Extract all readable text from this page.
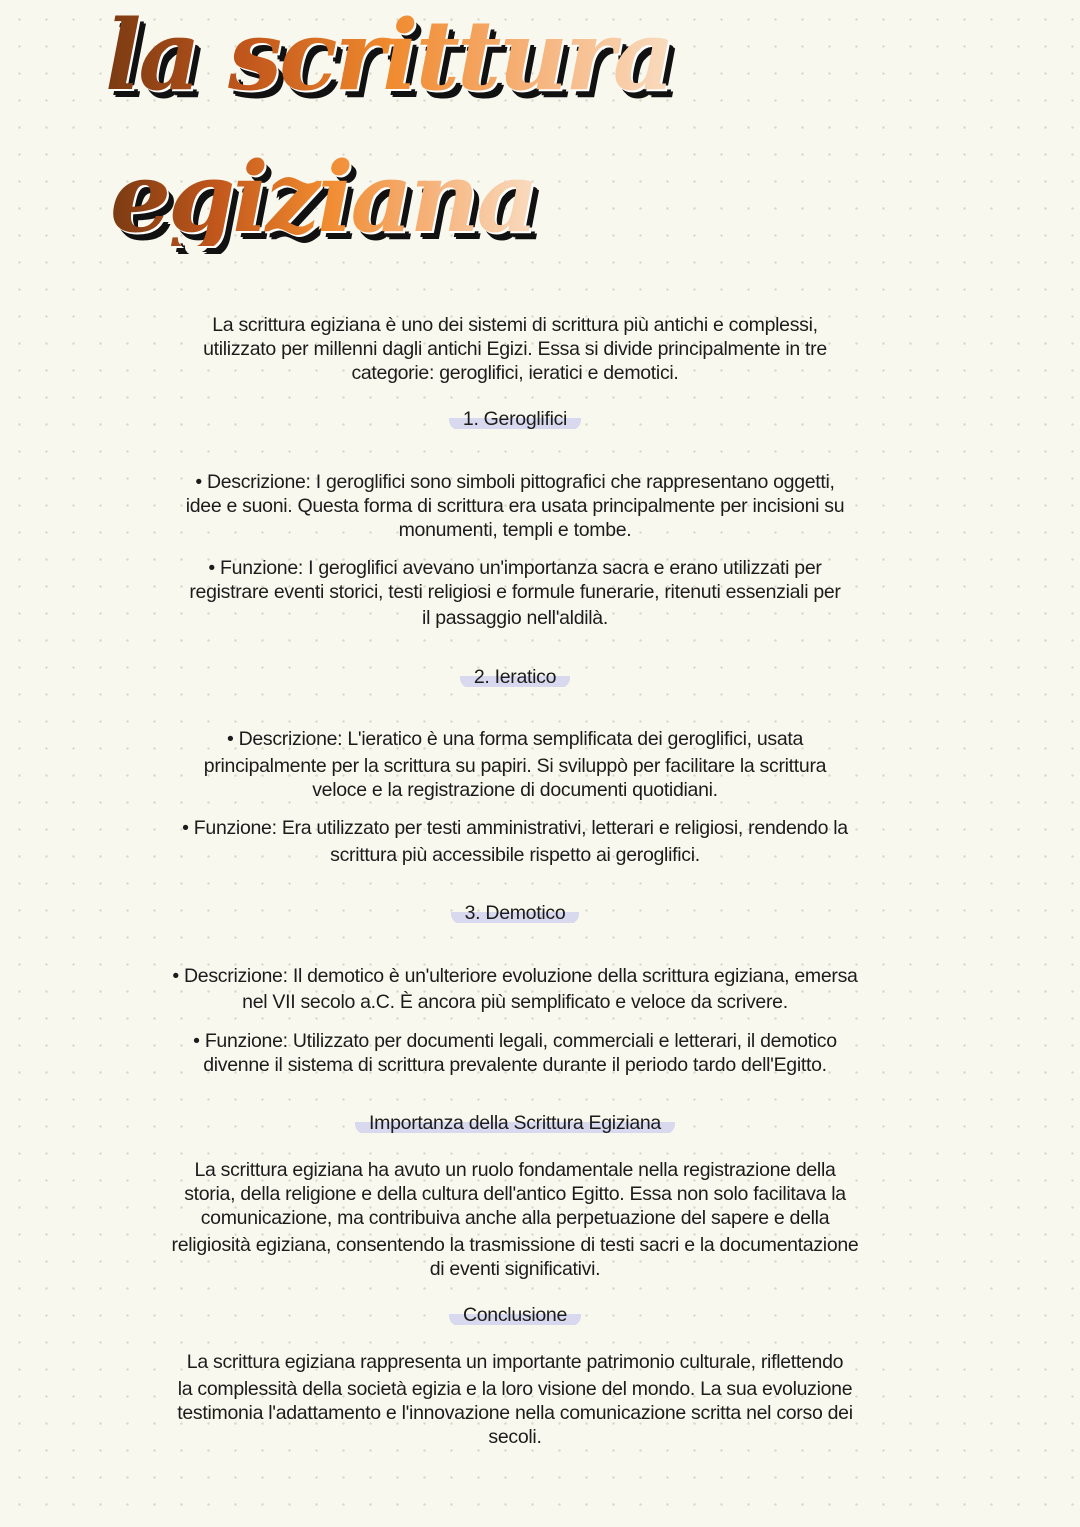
la scrittura
egiziana
La scrittura egiziana è uno dei sistemi di scrittura più antichi e complessi,
utilizzato per millenni dagli antichi Egizi. Essa si divide principalmente in tre
categorie: geroglifici, ieratici e demotici.
1. Geroglifici
• Descrizione: I geroglifici sono simboli pittografici che rappresentano oggetti,
idee e suoni. Questa forma di scrittura era usata principalmente per incisioni su
monumenti, templi e tombe.
• Funzione: I geroglifici avevano un'importanza sacra e erano utilizzati per
registrare eventi storici, testi religiosi e formule funerarie, ritenuti essenziali per
il passaggio nell'aldilà.
2. Ieratico
• Descrizione: L'ieratico è una forma semplificata dei geroglifici, usata
principalmente per la scrittura su papiri. Si sviluppò per facilitare la scrittura
veloce e la registrazione di documenti quotidiani.
• Funzione: Era utilizzato per testi amministrativi, letterari e religiosi, rendendo la
scrittura più accessibile rispetto ai geroglifici.
3. Demotico
• Descrizione: Il demotico è un'ulteriore evoluzione della scrittura egiziana, emersa
nel VII secolo a.C. È ancora più semplificato e veloce da scrivere.
• Funzione: Utilizzato per documenti legali, commerciali e letterari, il demotico
divenne il sistema di scrittura prevalente durante il periodo tardo dell'Egitto.
Importanza della Scrittura Egiziana
La scrittura egiziana ha avuto un ruolo fondamentale nella registrazione della
storia, della religione e della cultura dell'antico Egitto. Essa non solo facilitava la
comunicazione, ma contribuiva anche alla perpetuazione del sapere e della
religiosità egiziana, consentendo la trasmissione di testi sacri e la documentazione
di eventi significativi.
Conclusione
La scrittura egiziana rappresenta un importante patrimonio culturale, riflettendo
la complessità della società egizia e la loro visione del mondo. La sua evoluzione
testimonia l'adattamento e l'innovazione nella comunicazione scritta nel corso dei
secoli.
